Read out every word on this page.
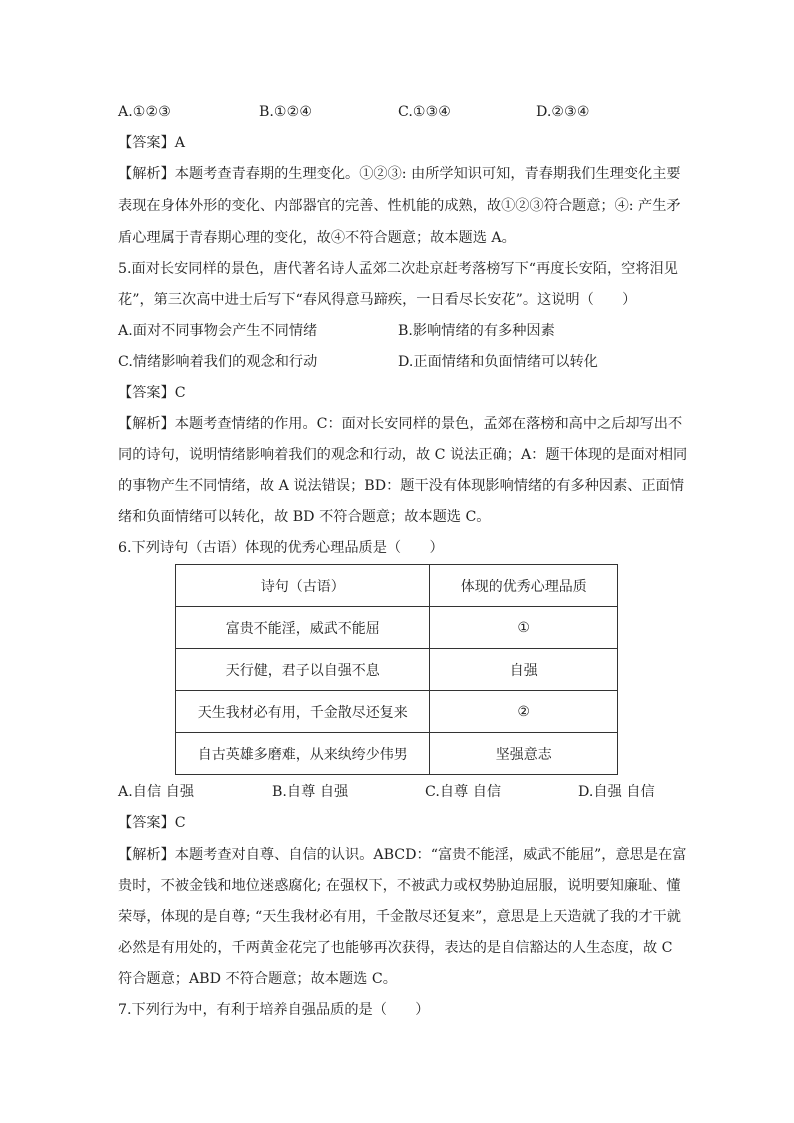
A.①②③	B.①②④	C.①③④	D.②③④
【答案】A
【解析】本题考查青春期的生理变化。①②③: 由所学知识可知，青春期我们生理变化主要
表现在身体外形的变化、内部器官的完善、性机能的成熟，故①②③符合题意；④: 产生矛
盾心理属于青春期心理的变化，故④不符合题意；故本题选 A。
5.面对长安同样的景色，唐代著名诗人孟郊二次赴京赶考落榜写下“再度长安陌，空将泪见
花”，第三次高中进士后写下“春风得意马蹄疾，一日看尽长安花”。这说明（　　）
A.面对不同事物会产生不同情绪	B.影响情绪的有多种因素
C.情绪影响着我们的观念和行动	D.正面情绪和负面情绪可以转化
【答案】C
【解析】本题考查情绪的作用。C：面对长安同样的景色，孟郊在落榜和高中之后却写出不
同的诗句，说明情绪影响着我们的观念和行动，故 C 说法正确；A：题干体现的是面对相同
的事物产生不同情绪，故 A 说法错误；BD：题干没有体现影响情绪的有多种因素、正面情
绪和负面情绪可以转化，故 BD 不符合题意；故本题选 C。
6.下列诗句（古语）体现的优秀心理品质是（　　）
诗句（古语）	体现的优秀心理品质
富贵不能淫，威武不能屈	①
天行健，君子以自强不息	自强
天生我材必有用，千金散尽还复来	②
自古英雄多磨难，从来纨绔少伟男	坚强意志
A.自信 自强	B.自尊 自强	C.自尊 自信	D.自强 自信
【答案】C
【解析】本题考查对自尊、自信的认识。ABCD：“富贵不能淫，威武不能屈”，意思是在富
贵时，不被金钱和地位迷惑腐化; 在强权下，不被武力或权势胁迫屈服，说明要知廉耻、懂
荣辱，体现的是自尊; “天生我材必有用，千金散尽还复来”，意思是上天造就了我的才干就
必然是有用处的，千两黄金花完了也能够再次获得，表达的是自信豁达的人生态度，故 C
符合题意；ABD 不符合题意；故本题选 C。
7.下列行为中，有利于培养自强品质的是（　　）
